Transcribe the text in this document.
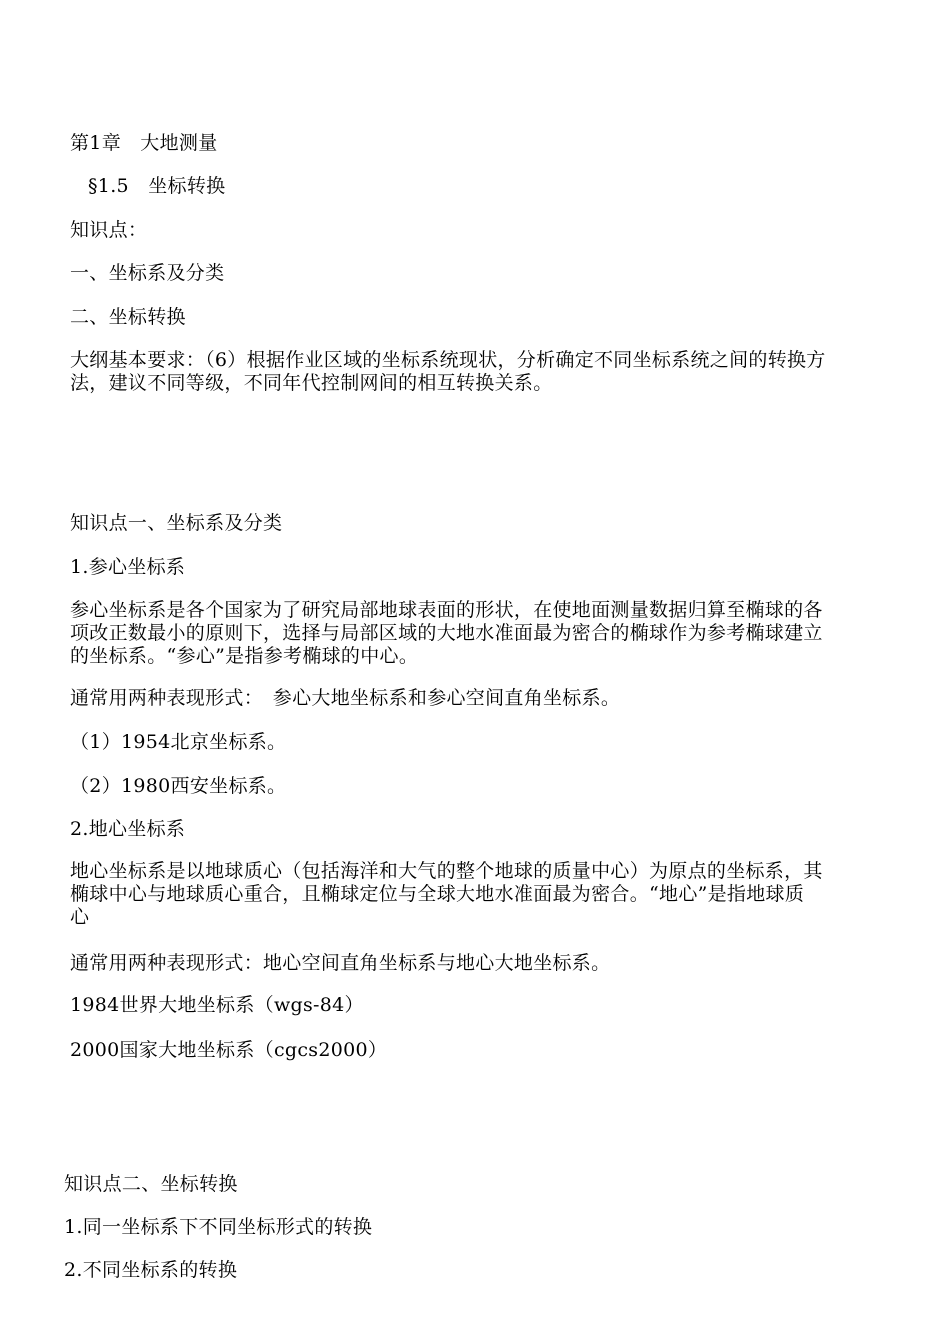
第1章　大地测量
§1.5　坐标转换
知识点：
一、坐标系及分类
二、坐标转换
大纲基本要求：（6）根据作业区域的坐标系统现状，分析确定不同坐标系统之间的转换方
法，建议不同等级，不同年代控制网间的相互转换关系。
知识点一、坐标系及分类
1.参心坐标系
参心坐标系是各个国家为了研究局部地球表面的形状，在使地面测量数据归算至椭球的各
项改正数最小的原则下，选择与局部区域的大地水准面最为密合的椭球作为参考椭球建立
的坐标系。“参心”是指参考椭球的中心。
通常用两种表现形式：　参心大地坐标系和参心空间直角坐标系。
（1）1954北京坐标系。
（2）1980西安坐标系。
2.地心坐标系
地心坐标系是以地球质心（包括海洋和大气的整个地球的质量中心）为原点的坐标系，其
椭球中心与地球质心重合，且椭球定位与全球大地水准面最为密合。“地心”是指地球质
心
通常用两种表现形式：地心空间直角坐标系与地心大地坐标系。
1984世界大地坐标系（wgs-84）
2000国家大地坐标系（cgcs2000）
知识点二、坐标转换
1.同一坐标系下不同坐标形式的转换
2.不同坐标系的转换
